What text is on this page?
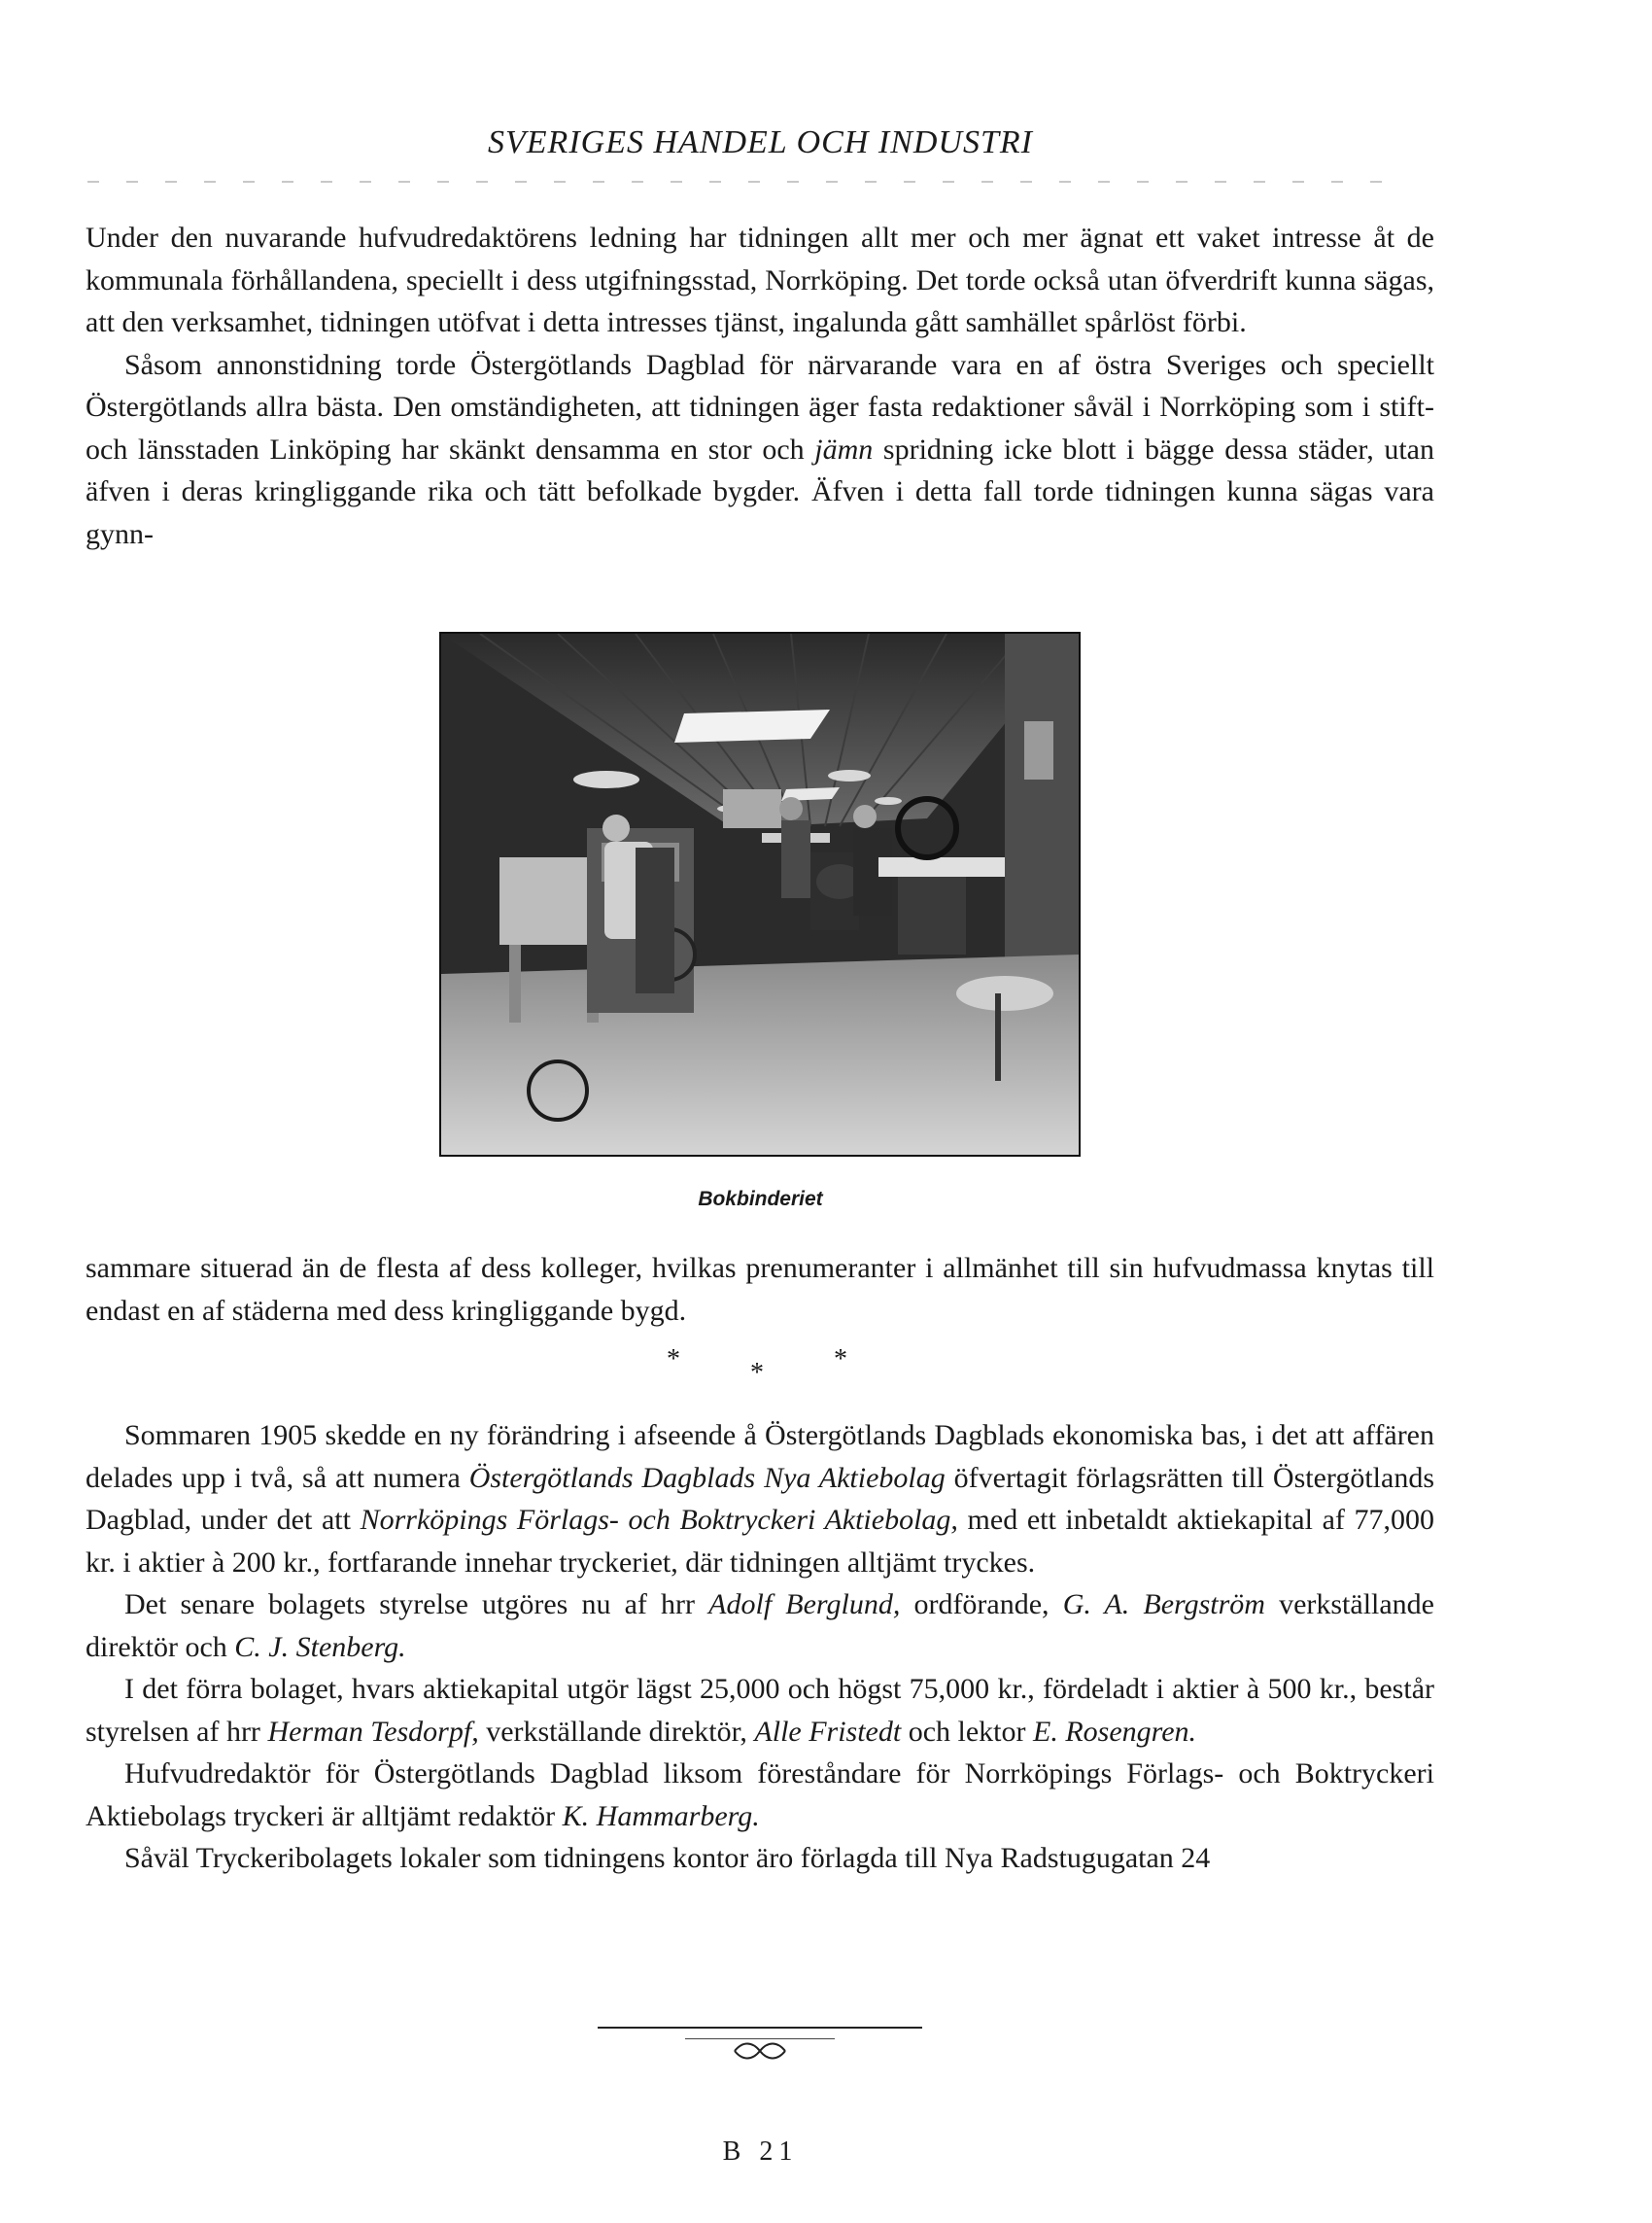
SVERIGES HANDEL OCH INDUSTRI

Under den nuvarande hufvudredaktörens ledning har tidningen allt mer och mer ägnat ett vaket intresse åt de kommunala förhållandena, speciellt i dess utgifningsstad, Norrköping. Det torde också utan öfverdrift kunna sägas, att den verksamhet, tidningen utöfvat i detta intresses tjänst, ingalunda gått samhället spårlöst förbi.

Såsom annonstidning torde Östergötlands Dagblad för närvarande vara en af östra Sveriges och speciellt Östergötlands allra bästa. Den omständigheten, att tidningen äger fasta redaktioner såväl i Norrköping som i stift- och länsstaden Linköping har skänkt densamma en stor och jämn spridning icke blott i bägge dessa städer, utan äfven i deras kringliggande rika och tätt befolkade bygder. Äfven i detta fall torde tidningen kunna sägas vara gynn-

Bokbinderiet

sammare situerad än de flesta af dess kolleger, hvilkas prenumeranter i allmänhet till sin hufvudmassa knytas till endast en af städerna med dess kringliggande bygd.

*	*	*

Sommaren 1905 skedde en ny förändring i afseende å Östergötlands Dagblads ekonomiska bas, i det att affären delades upp i två, så att numera Östergötlands Dagblads Nya Aktiebolag öfvertagit förlagsrätten till Östergötlands Dagblad, under det att Norrköpings Förlags- och Boktryckeri Aktiebolag, med ett inbetaldt aktiekapital af 77,000 kr. i aktier à 200 kr., fortfarande innehar tryckeriet, där tidningen alltjämt tryckes.

Det senare bolagets styrelse utgöres nu af hrr Adolf Berglund, ordförande, G. A. Bergström verkställande direktör och C. J. Stenberg.

I det förra bolaget, hvars aktiekapital utgör lägst 25,000 och högst 75,000 kr., fördeladt i aktier à 500 kr., består styrelsen af hrr Herman Tesdorpf, verkställande direktör, Alle Fristedt och lektor E. Rosengren.

Hufvudredaktör för Östergötlands Dagblad liksom föreståndare för Norrköpings Förlags- och Boktryckeri Aktiebolags tryckeri är alltjämt redaktör K. Hammarberg.

Såväl Tryckeribolagets lokaler som tidningens kontor äro förlagda till Nya Radstugugatan 24

B 21
